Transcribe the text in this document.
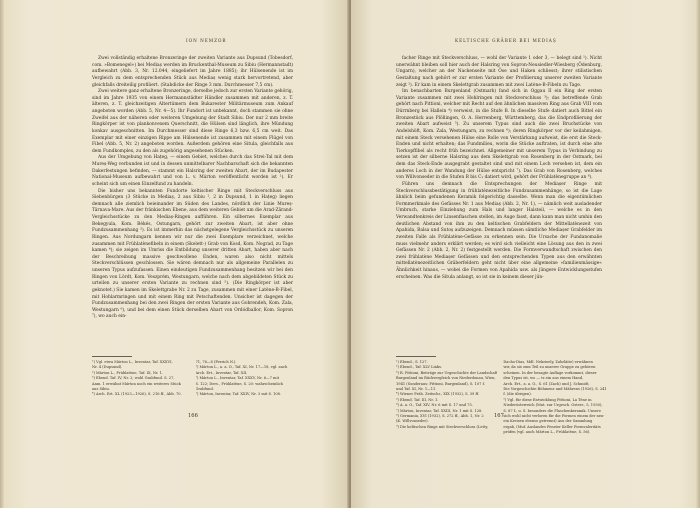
ION NEMZOR

Zwei vollständig erhaltene Bronzeringe der zweiten Variante aus Dupsund (Tobesdorf, com. »Bomenegel«) bei Mediaș werden im Bruckenthal-Museum zu Sibiu (Hermannstadt) aufbewahrt (Abb. 3, Nr. 12.044, eingeliefert im Jahre 1885); ihr Hülsenende ist im Vergleich zu dem entsprechenden Stück aus Mediaș wenig stark hervortretend, aber gleichfalls dreiteilig profiliert. (Stabdicke der Ringe 3 mm. Durchmesser 7,5 cm).

Zwei weitere ganz erhaltene Bronzeringe, derselbe jedoch zur ersten Variante gehörig, sind im Jahre 1935 von einem Hermannstädter Händler zusammen mit anderen, z. T. älteren, z. T. gleichzeitigen Altertümern dem Bukarester Militärmuseum zum Ankauf angeboten worden (Abb. 5, Nr. 4—5). Ihr Fundort ist unbekannt, doch stammen sie ohne Zweifel aus der näheren oder weiteren Umgebung der Stadt Sibiu. Der nur 2 mm breite Ringkörper ist von plankonvexem Querschnitt, die Hülsen sind länglich, ihre Mündung konkav ausgeschnitten. Im Durchmesser sind diese Ringe 6,3 bzw. 6,5 cm weit. Das Exemplar mit einer einzigen Rippe am Hülsenende ist zusammen mit einem Flügel von Fibel (Abb. 5, Nr. 2) angeboten worden. Außerdem gehören eine Situla, gleichfalls aus dem Fundkomplex, zu den als zugehörig angesehenen Stücken.

Aus der Umgebung von Hațeg, — einem Gebiet, welches durch das Strei-Tal mit dem Mureș-Weg verbunden ist und in dessen unmittelbarer Nachbarschaft sich die bekannten Dakerfestungen befinden, — stammt ein Halsring der zweiten Abart, der im Budapester National-Museum aufbewahrt und von L. v. Márton veröffentlicht worden ist ¹). Er scheint sich um einen Einzelfund zu handeln.

Die bisher uns bekannten Fundorte keltischer Ringe mit Steckverschluss aus Siebenbürgen (3 Stücke in Mediaș, 2 aus Sibiu ², 2 in Dupsund, 1 in Hațeg) liegen demnach alle ziemlich beieinander im Süden des Landes, nördlich der Linie Mureș-Târnava-Mare. Aus der fränkischen Ebene, aus dem weiteren Gebiet um die Arad-Zărand-Vergleichsstücke zu den Mediaș-Ringen aufführen. Ein silbernes Exemplar aus Bekegyula, Kom. Békés, Ostungarn, gehört zur zweiten Abart, ist aber ohne Fundzusammenhang ³). Es ist immerhin das nächstgelegene Vergleichsstück zu unseren Ringen. Aus Nordungarn kennen wir nur die zwei Exemplare verzeichnet, welche zusammen mit Frühlatènefibeln in einem (Skelett-) Grab von Kosd, Kom. Nograd, zu Tage kamen ⁴); sie zeigen im Umriss die Entbildung unserer dritten Abart, haben aber nach der Beschreibung massive geschwollene Enden, waren also nicht mittels Steckverschlüssen geschlossen. Sie wären demnach nur als allgemeine Parallelen zu unseren Typus aufzufassen. Einen eindeutigen Fundzusammenhang besitzen wir bei den Ringen von Lördt, Kom. Veszprém, Westungarn, welche nach dem abgebildeten Stück zu urteilen zu unserer ersten Variante zu rechnen sind ⁵). (Die Ringkörper ist aber geknotet.) Sie kamen im Skelettgrabe Nr. 2 zu Tage, zusammen mit einer Latène-B-Fibel, mit Hohlarmringen und mit einem Ring mit Petschaftenden. Unsicher ist dagegen der Fundzusammenhang bei den zwei Ringen der ersten Variante aus Gobrendeh, Kom. Zala, Westungarn ⁶), und bei dem einen Stück derselben Abart von Ordódballor, Kom. Sopron ⁷), wo auch ein-

¹) Vgl. etwa Márton L., Inventar, Taf. XXXVI,
Nr. 4 (Dupsund).
²) Márton L., Frühlatène, Taf. IX, Nr. 1.
³) Ebend. Taf. IV, Nr. 2; wohl Grabfund. S. 27,
Anm. 1 erwähnt Márton noch ein weiteres Stück
aus Sibiu.
⁴) Arch. Ért. XL (1923—1926), S. 216 ff., Abb. 70.
71, 76—8 (Ferrich N.).
⁵) Márton L., a. a. O., Taf. XI, Nr. 17—18, vgl. auch
Arch. Ért., Inventar, Taf. XII.
⁶) Márton L., Inventar, Taf. XXXV, Nr. 6—7 mit
S. 122; Ders., Frühlatène, S. 20: wahrscheinlich
Grabfund.
⁷) Márton, Inventar, Taf. XXIV, Nr. 3 mit S. 108.
166
KELTISCHE GRÄBER BEI MEDIAȘ

facher Ringe mit Steckverschluss, — wohl der Variante 1 oder 3, — belegt sind ¹). Nicht unerwähnt bleiben soll hier auch der Halsring von Sopron-Neusiedler-Wiesberg (Ödenburg, Ungarn), welcher an der Nackenseite mit Öse und Haken schliesst; ihrer stilistischen Gestaltung nach gehört er zur ersten Variante der Profilierung unserer zweiten Variante zeigt ²). Er kam in einem Skelettgrab zusammen mit zwei Latène-B-Fibeln zu Tage.

Im benachbarten Burgenland (Ostmark) fand sich in Oggau II ein Ring der ersten Variante zusammen mit zwei Hohlringen mit Steckverschluss ³); das betreffende Grab gehört nach Pittioni, welcher mit Recht auf den ähnlichen massiven Ring aus Grab VIII vom Dürrnberg bei Hallein ⁴) verweist, in die Stufe B. In dieselbe Stufe datiert auch Bittel ein Bronzestück aus Plöllingen, O. A. Herrenberg, Württemberg, das die Endprofilierung der zweiten Abart aufweist ⁵). Zu unserem Typus sind auch die zwei Bruchstücke von Andelshöft, Kom. Zala, Westungarn, zu rechnen ⁶); deren Ringkörper vor der keilahmigen, mit einem Steck versehenen Hülse eine Rolle von Verstärkung aufweist, die erst die Steck-Enden und nicht erhalten; das Fundmilieu, worin die Stücke auftraten, ist durch eine alte Tierkopffibel als recht früh bezeichnet. Allgemeiner mit unserem Typus in Verbindung zu setzen ist der silberne Halsring aus dem Skelettgrab von Rosenberg in der Ostmark, bei dem das Steck-Ende ausgegrabt gestaltet sind und mit einem Loch versehen ist, dem ein anderes Loch in der Wandung der Hülse entspricht ⁷). Das Grab von Rosenberg, welches von Willvonseder in die Stufen B bis C₁ datiert wird, gehört der Frühlatènegruppe an ⁸).

Führen uns demnach die Entsprechungen der Mediașer Ringe mit Steckverschlussbestätigung in frühlatènezeitliche Fundzusammenhänge, so ist die Lage ähnlich beim gefundenen Keramik folgerichtig dasselbe. Wenn man die eigentümlichen Formmerkmale des Gefässes Nr. 1 aus Mediaș (Abb. 2, Nr. 1), — nämlich weit ausladender Umbruch, starke Einziehung zum Hals und langer Halsteil, — welche es in den Verwandtenkreis der Linsenflaschen stellen, im Auge fasst, dann kann man nicht umhin den deutlichen Abstand von ihm zu den keltischen Grabfeldern der Mittellatènezeit von Apahida, Balsa und Sutoș aufzuzeigen. Demnach müssen sämtliche Mediașer Grabfelder im zweiten Falle als Frühlatène-Gefässe zu erkennen sein. Die Ursache der Fundanomalie muss vielmehr anders erklärt werden; es wird sich vielleicht eine Lösung aus den in zwei Gefässen Nr. 2 (Abb. 2, Nr. 2) festgestellt werden. Die Formverwandtschaft zwischen den zwei frühlatène Mediașer Gefässen und den entsprechenden Typen aus den erwähnten mittellatènezeitlichen Gräberfeldern geht nicht über eine allgemeine »familienmässige« Ähnlichkeit hinaus, — wobei die Formen von Apahida usw. als jüngere Entwicklungsstufen erscheinen. Was die Situla anlangt, so ist sie in keinem dieser jün-

¹) Ebend., S. 127.
²) Ebend., Taf. XLV Links.
³) R. Pittioni, Beiträge zur Urgeschichte der Landschaft
Burgenland im Rückvergleich von Niederdonau, Wien,
1941 (Sonderaus: Pittioni, Burgenland), S. 107 f.
und Taf. XI, Nr. 1—11.
⁴) Wiener Präh. Zeitschr., XIX (1932), S. 39 ff.
⁵) Ebend. Taf. III, Nr. 1.
⁶) A. a. O., Taf. XIV, Nr. 6 mit S. 17 und 75.
⁷) Márton, Inventar, Taf. XXIII, Nr. 1 mit S. 128.
⁸) Germania, XVI (1932), S. 272 ff., Abb. 1, Nr. 2
(K. Willvonseder).
⁹) Die keltischen Ringe mit Steckverschluss (Letty,
Dacho-Dias, Mdl. Nekrieely, Zahrläite) erwähnen
wir, da sie zum Teil zu unserer Gruppe zu gehören
scheinen. In der besagte Auflage vorkommt, dieser
den Typus ist, wo — tz ein aus einem Hand,
Arch. Ért., a. a. O., S. 61 (Zach) und J. Schmidt,
Die Vorgeschichte Böhmens und Mährens (1926), S. 241
f. (die übrigen).
⁹) Vgl. für diese Entwicklung Pittioni, La Tène in
Niederösterreich (Mat. zur Urgesch. Österr., 5, 1930),
S. 87 f., u. S. besonders die Flaschenkeramik. Unsere
sich wohl nicht verloren für die Formen einem der neu-
ein Kreisen ebenso getrennt) Aus der Sammlung
ergab, (Muf. Auslandes Fenster Keller Formvaleritäts
prüfen (vgl. auch Márton L., Frühlatène, S. 56).
167
